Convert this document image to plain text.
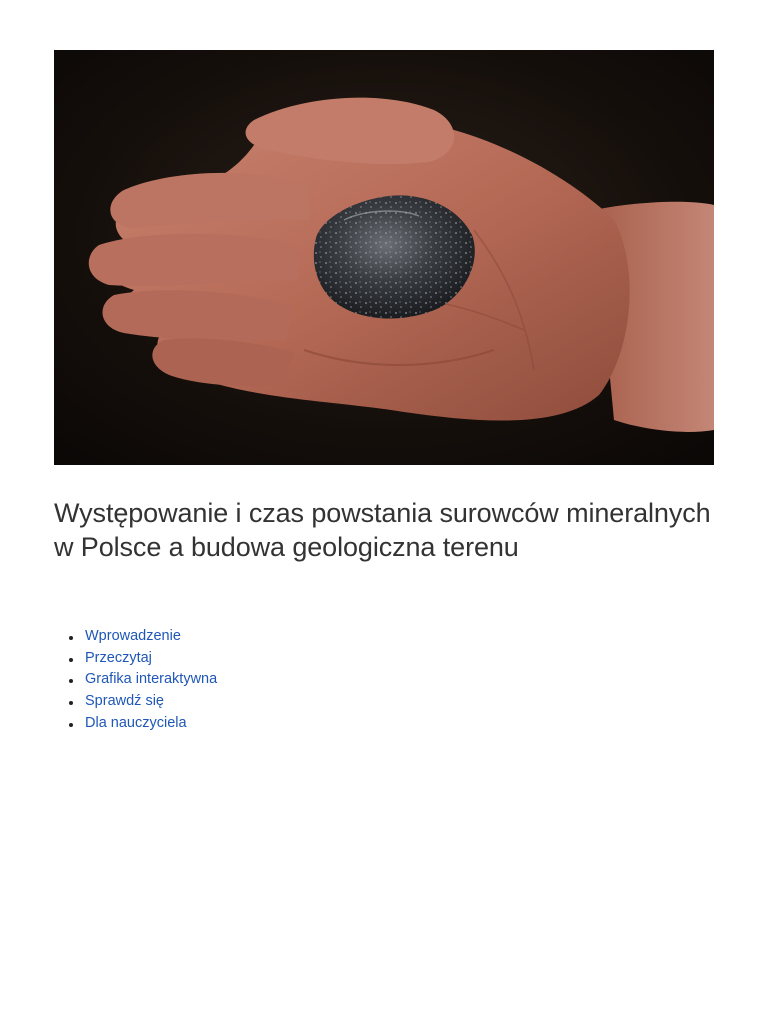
Występowanie i czas powstania surowców mineralnych w Polsce a budowa geologiczna terenu
Wprowadzenie
Przeczytaj
Grafika interaktywna
Sprawdź się
Dla nauczyciela
